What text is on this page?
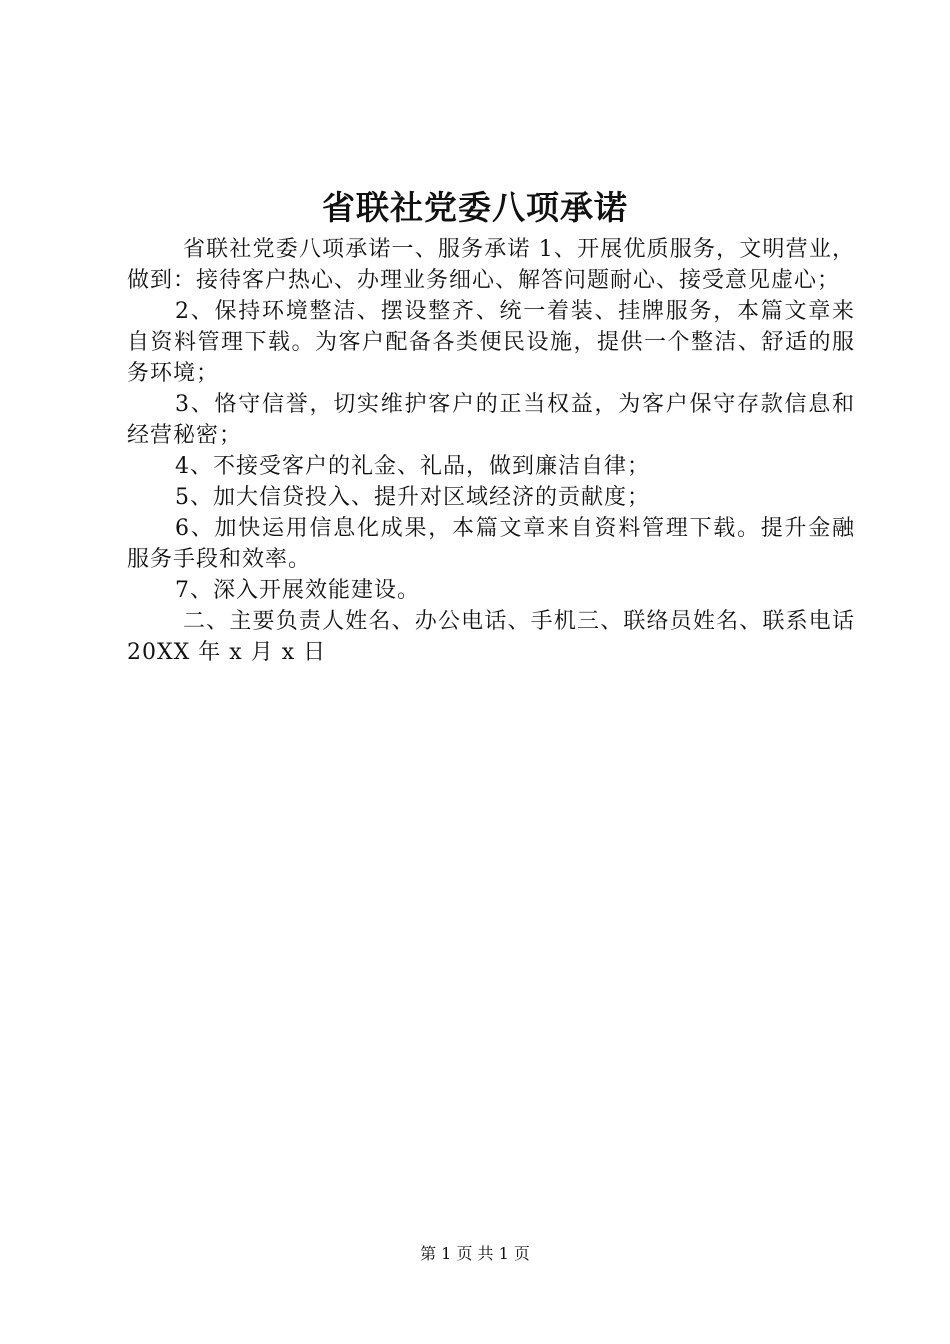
省联社党委八项承诺

省联社党委八项承诺一、服务承诺 1、开展优质服务，文明营业，做到：接待客户热心、办理业务细心、解答问题耐心、接受意见虚心；

2、保持环境整洁、摆设整齐、统一着装、挂牌服务，本篇文章来自资料管理下载。为客户配备各类便民设施，提供一个整洁、舒适的服务环境；

3、恪守信誉，切实维护客户的正当权益，为客户保守存款信息和经营秘密；

4、不接受客户的礼金、礼品，做到廉洁自律；

5、加大信贷投入、提升对区域经济的贡献度；

6、加快运用信息化成果，本篇文章来自资料管理下载。提升金融服务手段和效率。

7、深入开展效能建设。

二、主要负责人姓名、办公电话、手机三、联络员姓名、联系电话 20XX 年 x 月 x 日

第 1 页 共 1 页
